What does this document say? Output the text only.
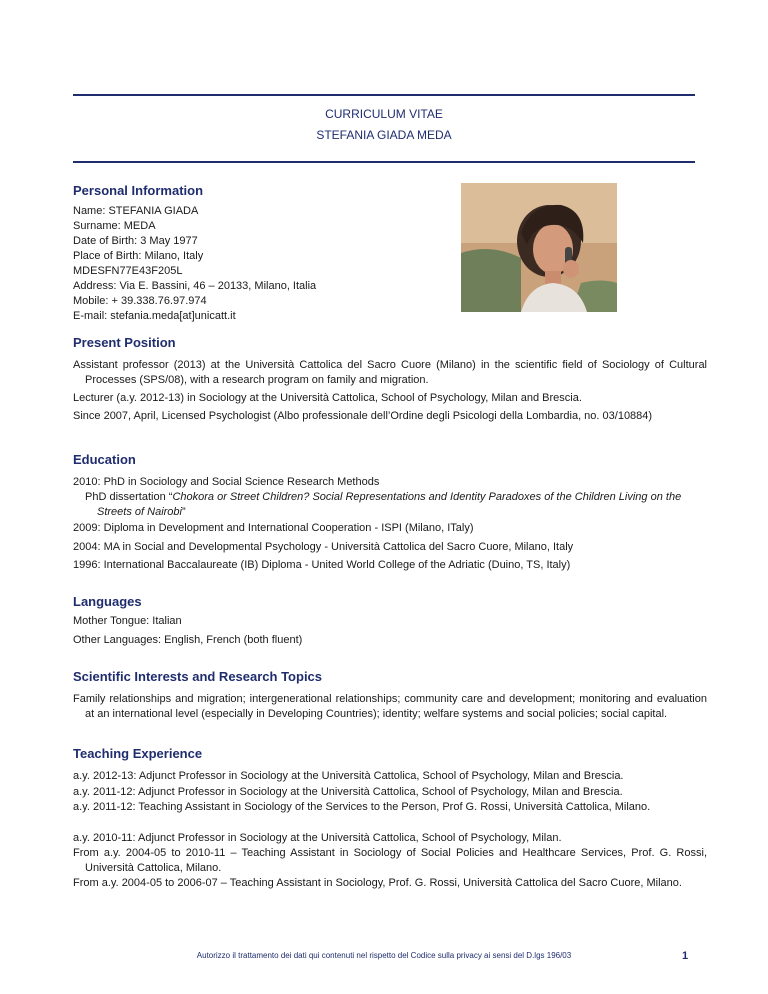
CURRICULUM VITAE
STEFANIA GIADA MEDA
Personal Information
Name: STEFANIA GIADA
Surname: MEDA
Date of Birth: 3 May 1977
Place of Birth: Milano, Italy
MDESFN77E43F205L
Address: Via E. Bassini, 46 – 20133, Milano, Italia
Mobile: + 39.338.76.97.974
E-mail: stefania.meda[at]unicatt.it
Present Position
Assistant professor (2013) at the Università Cattolica del Sacro Cuore (Milano) in the scientific field of Sociology of Cultural Processes (SPS/08), with a research program on family and migration.
Lecturer (a.y. 2012-13) in Sociology at the Università Cattolica, School of Psychology, Milan and Brescia.
Since 2007, April, Licensed Psychologist (Albo professionale dell’Ordine degli Psicologi della Lombardia, no. 03/10884)
Education
2010: PhD in Sociology and Social Science Research Methods
PhD dissertation “Chokora or Street Children? Social Representations and Identity Paradoxes of the Children Living on the Streets of Nairobi”
2009: Diploma in Development and International Cooperation - ISPI (Milano, ITaly)
2004: MA in Social and Developmental Psychology - Università Cattolica del Sacro Cuore, Milano, Italy
1996: International Baccalaureate (IB) Diploma - United World College of the Adriatic (Duino, TS, Italy)
Languages
Mother Tongue: Italian
Other Languages: English, French (both fluent)
Scientific Interests and Research Topics
Family relationships and migration; intergenerational relationships; community care and development; monitoring and evaluation at an international level (especially in Developing Countries); identity; welfare systems and social policies; social capital.
Teaching Experience
a.y. 2012-13: Adjunct Professor in Sociology at the Università Cattolica, School of Psychology, Milan and Brescia.
a.y. 2011-12: Adjunct Professor in Sociology at the Università Cattolica, School of Psychology, Milan and Brescia.
a.y. 2011-12: Teaching Assistant in Sociology of the Services to the Person, Prof G. Rossi, Università Cattolica, Milano.
a.y. 2010-11: Adjunct Professor in Sociology at the Università Cattolica, School of Psychology, Milan.
From a.y. 2004-05 to 2010-11 – Teaching Assistant in Sociology of Social Policies and Healthcare Services, Prof. G. Rossi, Università Cattolica, Milano.
From a.y. 2004-05 to 2006-07 – Teaching Assistant in Sociology, Prof. G. Rossi, Università Cattolica del Sacro Cuore, Milano.
Autorizzo il trattamento dei dati qui contenuti nel rispetto del Codice sulla privacy ai sensi del D.lgs 196/03	1
